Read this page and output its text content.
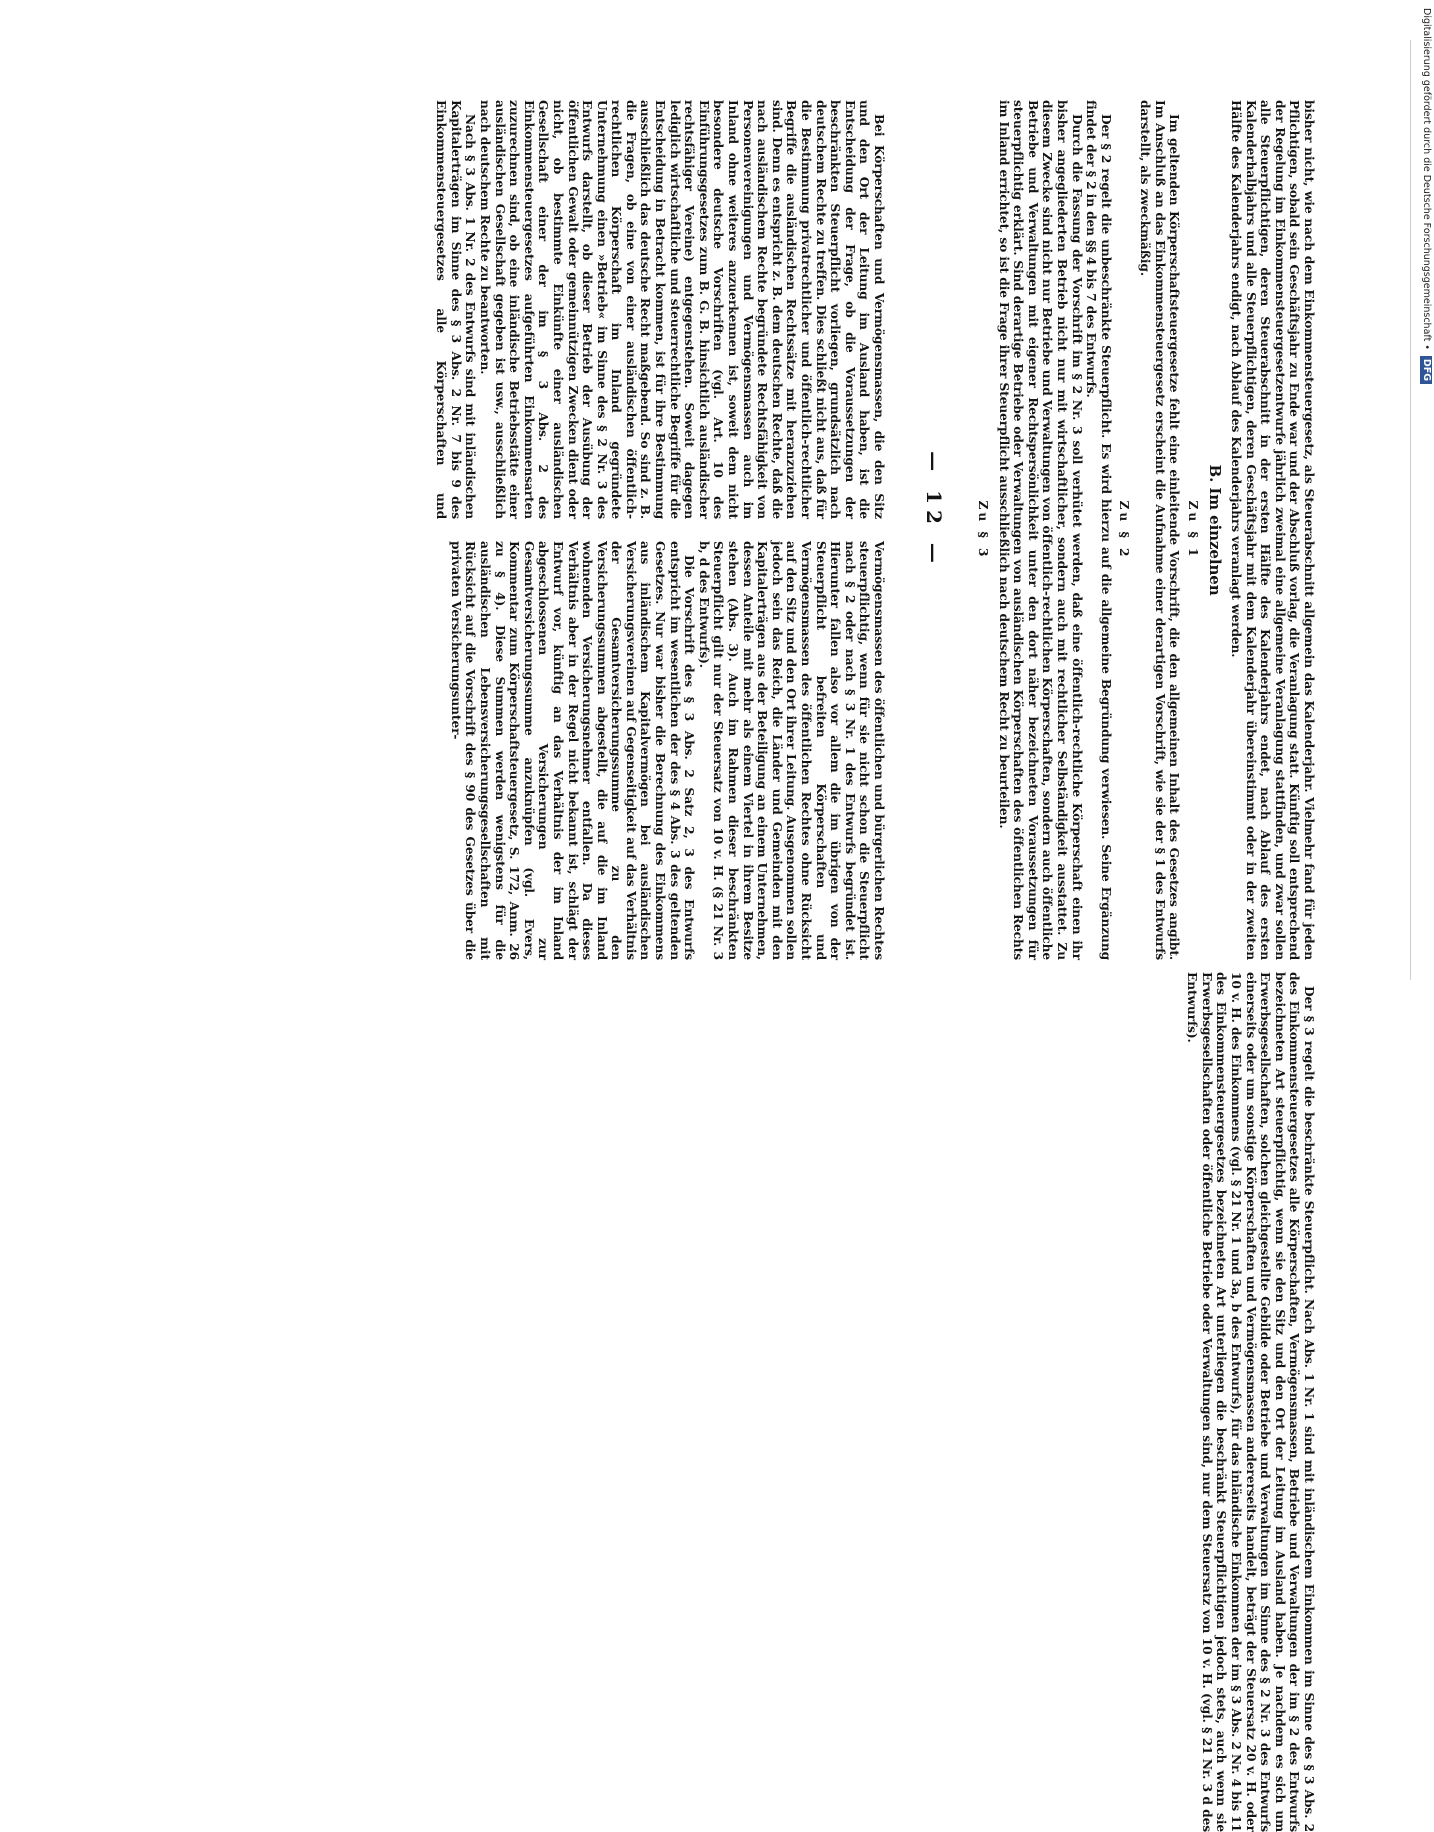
bisher nicht, wie nach dem Einkommensteuergesetz, als Steuerabschnitt allgemein das Kalenderjahr. Vielmehr fand für jeden Pflichtigen, sobald sein Geschäftsjahr zu Ende war und der Abschluß vorlag, die Veranlagung statt. Künftig soll entsprechend der Regelung im Einkommensteuergesetzentwurfe jährlich zweimal eine allgemeine Veranlagung stattfinden, und zwar sollen alle Steuerpflichtigen, deren Steuerabschnitt in der ersten Hälfte des Kalenderjahrs endet, nach Ablauf des ersten Kalenderhalbjahrs und alle Steuerpflichtigen, deren Geschäftsjahr mit dem Kalenderjahr übereinstimmt oder in der zweiten Hälfte des Kalenderjahrs endigt, nach Ablauf des Kalenderjahrs veranlagt werden.

B. Im einzelnen
Zu § 1

Im geltenden Körperschaftsteuergesetze fehlt eine einleitende Vorschrift, die den allgemeinen Inhalt des Gesetzes angibt. Im Anschluß an das Einkommensteuergesetz erscheint die Aufnahme einer derartigen Vorschrift, wie sie der § 1 des Entwurfs darstellt, als zweckmäßig.

Zu § 2

Der § 2 regelt die unbeschränkte Steuerpflicht. Es wird hierzu auf die allgemeine Begründung verwiesen. Seine Ergänzung findet der § 2 in den §§ 4 bis 7 des Entwurfs.

Durch die Fassung der Vorschrift im § 2 Nr. 3 soll verhütet werden, daß eine öffentlich-rechtliche Körperschaft einen ihr bisher angegliederten Betrieb nicht nur mit wirtschaftlicher, sondern auch mit rechtlicher Selbständigkeit ausstattet. Zu diesem Zwecke sind nicht nur Betriebe und Verwaltungen von öffentlich-rechtlichen Körperschaften, sondern auch öffentliche Betriebe und Verwaltungen mit eigener Rechtspersönlichkeit unter den dort näher bezeichneten Voraussetzungen für steuerpflichtig erklärt. Sind derartige Betriebe oder Verwaltungen von ausländischen Körperschaften des öffentlichen Rechts im Inland errichtet, so ist die Frage ihrer Steuerpflicht ausschließlich nach deutschem Recht zu beurteilen.

Zu § 3

Der § 3 regelt die beschränkte Steuerpflicht. Nach Abs. 1 Nr. 1 sind mit inländischem Einkommen im Sinne des § 3 Abs. 2 des Einkommensteuergesetzes alle Körperschaften, Vermögensmassen, Betriebe und Verwaltungen der im § 2 des Entwurfs bezeichneten Art steuerpflichtig, wenn sie den Sitz und den Ort der Leitung im Ausland haben. Je nachdem es sich um Erwerbsgesellschaften, solchen gleichgestellte Gebilde oder Betriebe und Verwaltungen im Sinne des § 2 Nr. 3 des Entwurfs einerseits oder um sonstige Körperschaften und Vermögensmassen andererseits handelt, beträgt der Steuersatz 20 v. H. oder 10 v. H. des Einkommens (vgl. § 21 Nr. 1 und 3a, b des Entwurfs), für das inländische Einkommen der im § 3 Abs. 2 Nr. 4 bis 11 des Einkommensteuergesetzes bezeichneten Art unterliegen die beschränkt Steuerpflichtigen jedoch stets, auch wenn sie Erwerbsgesellschaften oder öffentliche Betriebe oder Verwaltungen sind, nur dem Steuersatz von 10 v. H. (vgl. § 21 Nr. 3 d des Entwurfs).

— 12 —

Bei Körperschaften und Vermögensmassen, die den Sitz und den Ort der Leitung im Ausland haben, ist die Entscheidung der Frage, ob die Voraussetzungen der beschränkten Steuerpflicht vorliegen, grundsätzlich nach deutschem Rechte zu treffen. Dies schließt nicht aus, daß für die Bestimmung privatrechtlicher und öffentlich-rechtlicher Begriffe die ausländischen Rechtssätze mit heranzuziehen sind. Denn es entspricht z. B. dem deutschen Rechte, daß die nach ausländischem Rechte begründete Rechtsfähigkeit von Personenvereinigungen und Vermögensmassen auch im Inland ohne weiteres anzuerkennen ist, soweit dem nicht besondere deutsche Vorschriften (vgl. Art. 10 des Einführungsgesetzes zum B. G. B. hinsichtlich ausländischer rechtsfähiger Vereine) entgegenstehen. Soweit dagegen lediglich wirtschaftliche und steuerrechtliche Begriffe für die Entscheidung in Betracht kommen, ist für ihre Bestimmung ausschließlich das deutsche Recht maßgebend. So sind z. B. die Fragen, ob eine von einer ausländischen öffentlich-rechtlichen Körperschaft im Inland gegründete Unternehmung einen »Betrieb« im Sinne des § 2 Nr. 3 des Entwurfs darstellt, ob dieser Betrieb der Ausübung der öffentlichen Gewalt oder gemeinnützigen Zwecken dient oder nicht, ob bestimmte Einkünfte einer ausländischen Gesellschaft einer der im § 3 Abs. 2 des Einkommensteuergesetzes aufgeführten Einkommensarten zuzurechnen sind, ob eine inländische Betriebsstätte einer ausländischen Gesellschaft gegeben ist usw., ausschließlich nach deutschem Rechte zu beantworten.

Nach § 3 Abs. 1 Nr. 2 des Entwurfs sind mit inländischen Kapitalerträgen im Sinne des § 3 Abs. 2 Nr. 7 bis 9 des Einkommensteuergesetzes alle Körperschaften und Vermögensmassen des öffentlichen und bürgerlichen Rechtes steuerpflichtig, wenn für sie nicht schon die Steuerpflicht nach § 2 oder nach § 3 Nr. 1 des Entwurfs begründet ist. Hierunter fallen also vor allem die im übrigen von der Steuerpflicht befreiten Körperschaften und Vermögensmassen des öffentlichen Rechtes ohne Rücksicht auf den Sitz und den Ort ihrer Leitung. Ausgenommen sollen jedoch sein das Reich, die Länder und Gemeinden mit den Kapitalerträgen aus der Beteiligung an einem Unternehmen, dessen Anteile mit mehr als einem Viertel in ihrem Besitze stehen (Abs. 3). Auch im Rahmen dieser beschränkten Steuerpflicht gilt nur der Steuersatz von 10 v. H. (§ 21 Nr. 3 b, d des Entwurfs).

Die Vorschrift des § 3 Abs. 2 Satz 2, 3 des Entwurfs entspricht im wesentlichen der des § 4 Abs. 3 des geltenden Gesetzes. Nur war bisher die Berechnung des Einkommens aus inländischem Kapitalvermögen bei ausländischen Versicherungsvereinen auf Gegenseitigkeit auf das Verhältnis der Gesamtversicherungssumme zu den Versicherungssummen abgestellt, die auf die im Inland wohnenden Versicherungsnehmer entfallen. Da dieses Verhältnis aber in der Regel nicht bekannt ist, schlägt der Entwurf vor, künftig an das Verhältnis der im Inland abgeschlossenen Versicherungen zur Gesamtversicherungssumme anzuknüpfen (vgl. Evers, Kommentar zum Körperschaftsteuergesetz, S. 172, Anm. 26 zu § 4). Diese Summen werden wenigstens für die ausländischen Lebensversicherungsgesellschaften mit Rücksicht auf die Vorschrift des § 90 des Gesetzes über die privaten Versicherungsunter-

Digitalisierung gefördert durch die Deutsche Forschungsgemeinschaft •DFG
